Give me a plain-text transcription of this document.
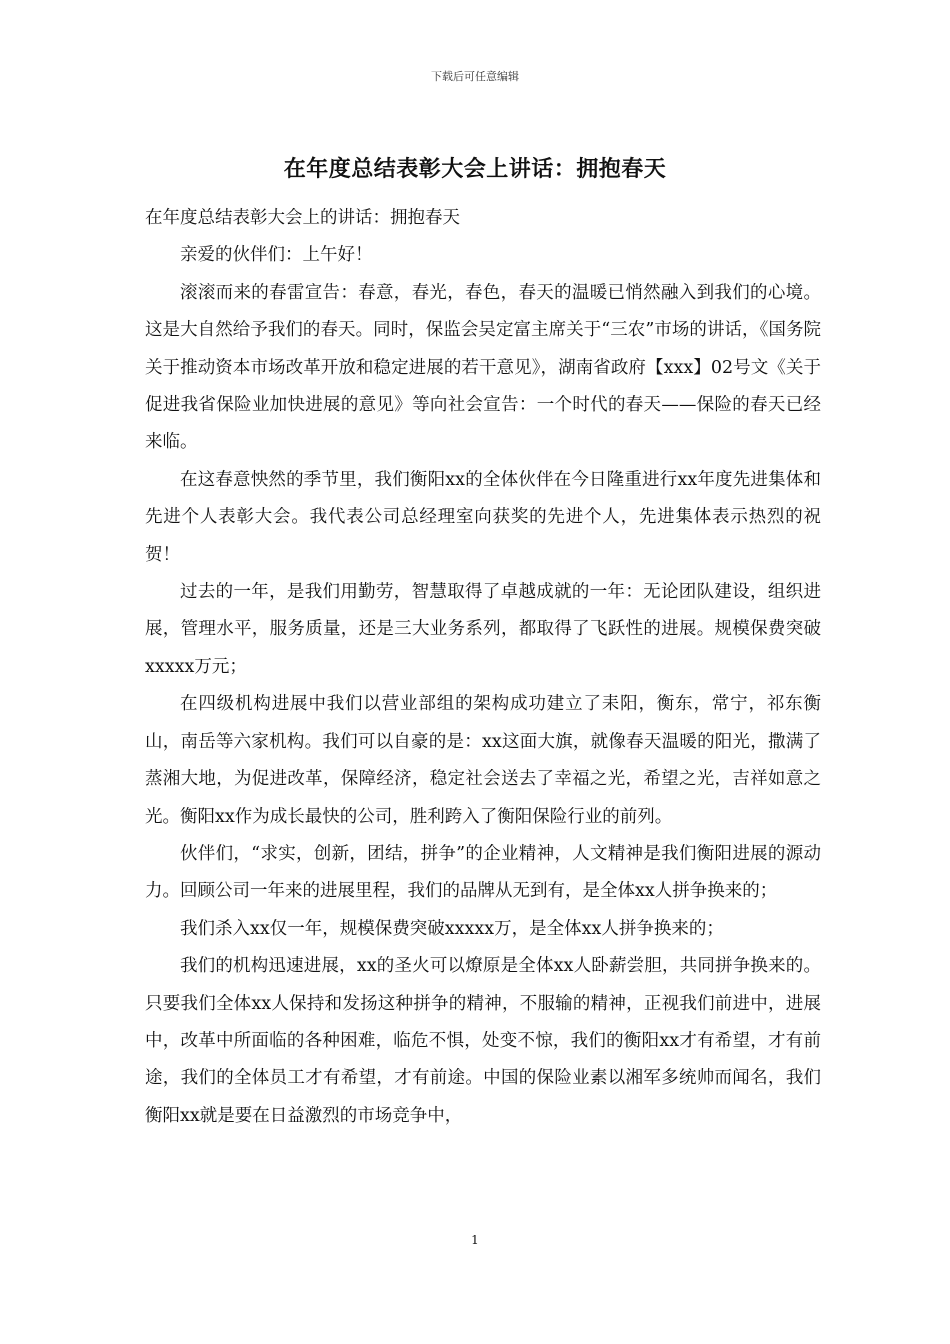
下载后可任意编辑
在年度总结表彰大会上讲话：拥抱春天

在年度总结表彰大会上的讲话：拥抱春天

亲爱的伙伴们：上午好！

滚滚而来的春雷宣告：春意，春光，春色，春天的温暖已悄然融入到我们的心境。这是大自然给予我们的春天。同时，保监会吴定富主席关于“三农”市场的讲话，《国务院关于推动资本市场改革开放和稳定进展的若干意见》，湖南省政府【xxx】02号文《关于促进我省保险业加快进展的意见》等向社会宣告：一个时代的春天——保险的春天已经来临。

在这春意怏然的季节里，我们衡阳xx的全体伙伴在今日隆重进行xx年度先进集体和先进个人表彰大会。我代表公司总经理室向获奖的先进个人，先进集体表示热烈的祝贺！

过去的一年，是我们用勤劳，智慧取得了卓越成就的一年：无论团队建设，组织进展，管理水平，服务质量，还是三大业务系列，都取得了飞跃性的进展。规模保费突破xxxxx万元；

在四级机构进展中我们以营业部组的架构成功建立了耒阳，衡东，常宁，祁东衡山，南岳等六家机构。我们可以自豪的是：xx这面大旗，就像春天温暖的阳光，撒满了蒸湘大地，为促进改革，保障经济，稳定社会送去了幸福之光，希望之光，吉祥如意之光。衡阳xx作为成长最快的公司，胜利跨入了衡阳保险行业的前列。

伙伴们，“求实，创新，团结，拼争”的企业精神，人文精神是我们衡阳进展的源动力。回顾公司一年来的进展里程，我们的品牌从无到有，是全体xx人拼争换来的；

我们杀入xx仅一年，规模保费突破xxxxx万，是全体xx人拼争换来的；

我们的机构迅速进展，xx的圣火可以燎原是全体xx人卧薪尝胆，共同拼争换来的。只要我们全体xx人保持和发扬这种拼争的精神，不服输的精神，正视我们前进中，进展中，改革中所面临的各种困难，临危不惧，处变不惊，我们的衡阳xx才有希望，才有前途，我们的全体员工才有希望，才有前途。中国的保险业素以湘军多统帅而闻名，我们衡阳xx就是要在日益激烈的市场竞争中，

1
